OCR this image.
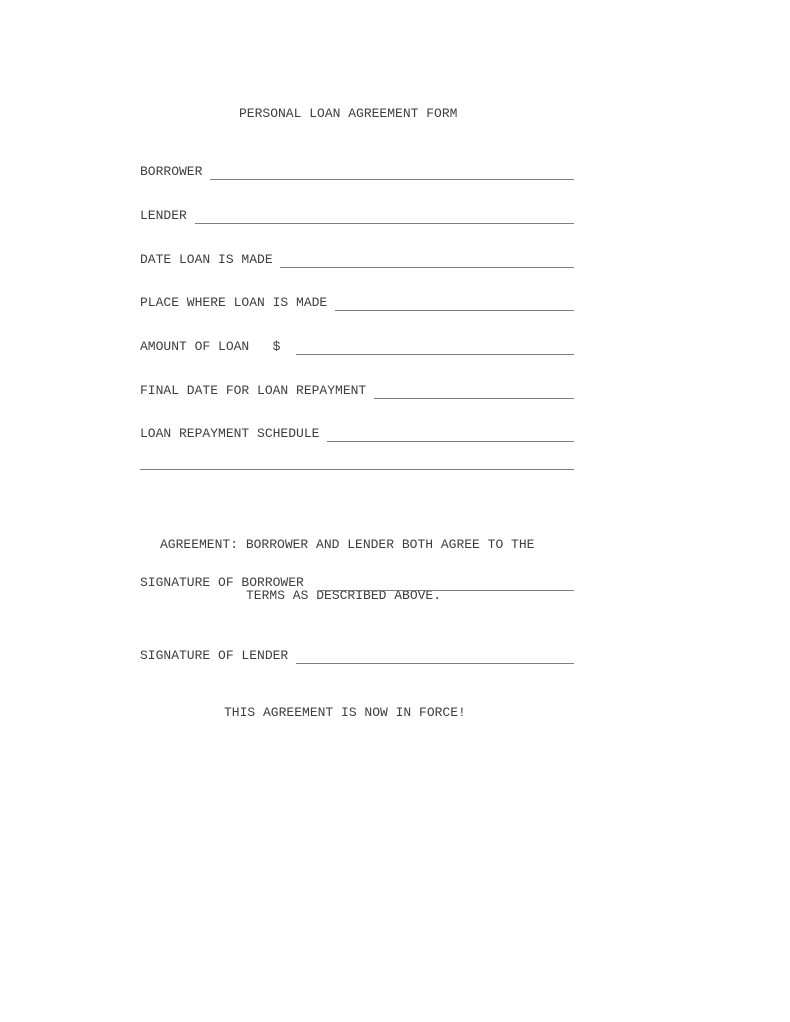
PERSONAL LOAN AGREEMENT FORM
BORROWER
LENDER
DATE LOAN IS MADE
PLACE WHERE LOAN IS MADE
AMOUNT OF LOAN   $
FINAL DATE FOR LOAN REPAYMENT
LOAN REPAYMENT SCHEDULE

AGREEMENT: BORROWER AND LENDER BOTH AGREE TO THE

TERMS AS DESCRIBED ABOVE.

SIGNATURE OF BORROWER
SIGNATURE OF LENDER
THIS AGREEMENT IS NOW IN FORCE!
